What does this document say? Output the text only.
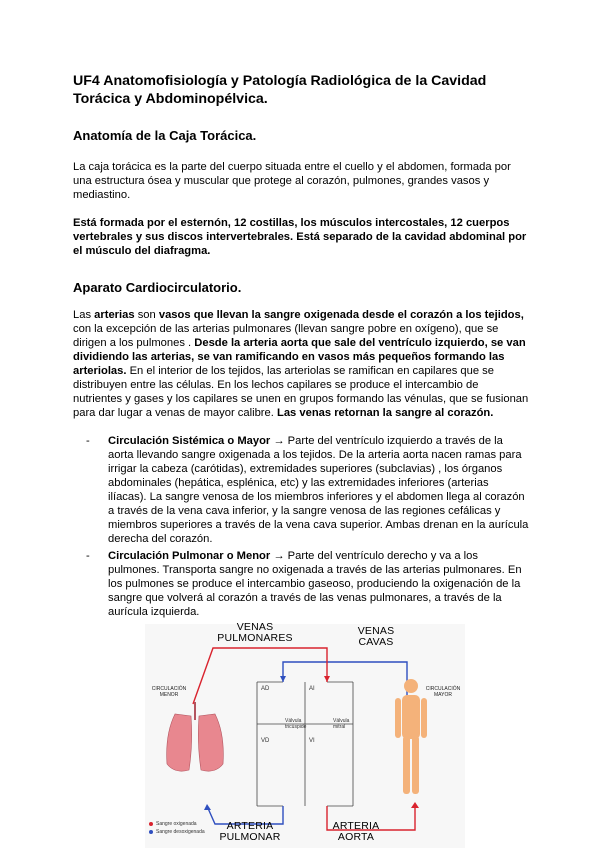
UF4 Anatomofisiología y Patología Radiológica de la Cavidad Torácica y Abdominopélvica.
Anatomía de la Caja Torácica.
La caja torácica es la parte del cuerpo situada entre el cuello y el abdomen, formada por una estructura ósea y muscular que protege al corazón, pulmones, grandes vasos y mediastino.
Está formada por el esternón, 12 costillas, los músculos intercostales, 12 cuerpos vertebrales y sus discos intervertebrales. Está separado de la cavidad abdominal por el músculo del diafragma.
Aparato Cardiocirculatorio.
Las arterias son vasos que llevan la sangre oxigenada desde el corazón a los tejidos, con la excepción de las arterias pulmonares (llevan sangre pobre en oxígeno), que se dirigen a los pulmones . Desde la arteria aorta que sale del ventrículo izquierdo, se van dividiendo las arterias, se van ramificando en vasos más pequeños formando las arteriolas. En el interior de los tejidos, las arteriolas se ramifican en capilares que se distribuyen entre las células. En los lechos capilares se produce el intercambio de nutrientes y gases y los capilares se unen en grupos formando las vénulas, que se fusionan para dar lugar a venas de mayor calibre. Las venas retornan la sangre al corazón.
- Circulación Sistémica o Mayor → Parte del ventrículo izquierdo a través de la aorta llevando sangre oxigenada a los tejidos. De la arteria aorta nacen ramas para irrigar la cabeza (carótidas), extremidades superiores (subclavias) , los órganos abdominales (hepática, esplénica, etc) y las extremidades inferiores (arterias ilíacas). La sangre venosa de los miembros inferiores y el abdomen llega al corazón a través de la vena cava inferior, y la sangre venosa de las regiones cefálicas y miembros superiores a través de la vena cava superior. Ambas drenan en la aurícula derecha del corazón.
- Circulación Pulmonar o Menor → Parte del ventrículo derecho y va a los pulmones. Transporta sangre no oxigenada a través de las arterias pulmonares. En los pulmones se produce el intercambio gaseoso, produciendo la oxigenación de la sangre que volverá al corazón a través de las venas pulmonares, a través de la aurícula izquierda.
VENAS PULMONARES
VENAS CAVAS
CIRCULACIÓN MENOR
CIRCULACIÓN MAYOR
AD	AI
VD	VI
Válvula tricúspide
Válvula mitral
Sangre oxigenada
Sangre desoxigenada	ARTERIA PULMONAR
ARTERIA AORTA
